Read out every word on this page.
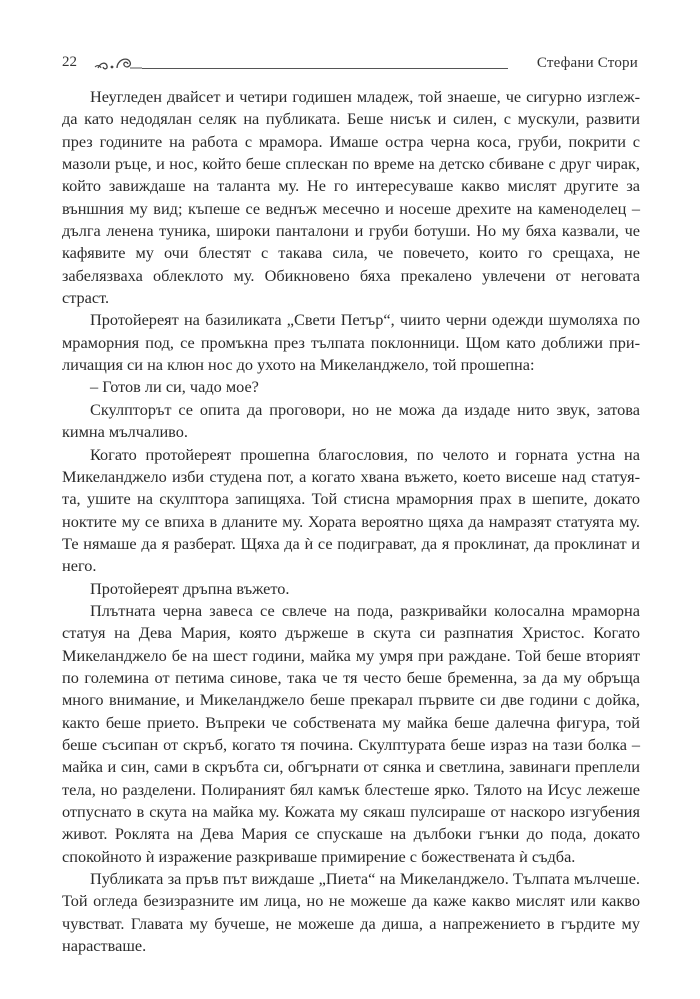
22	Стефани Стори

Неугледен двайсет и четири годишен младеж, той знаеше, че сигурно изглежда като недодялан селяк на публиката. Беше нисък и силен, с мускули, развити през годините на работа с мрамора. Имаше остра черна коса, груби, покрити с мазоли ръце, и нос, който беше сплескан по време на детско сбиване с друг чирак, който завиждаше на таланта му. Не го интересуваше какво мислят другите за външния му вид; къпеше се веднъж месечно и носеше дрехите на каменоделец – дълга ленена туника, широки панталони и груби ботуши. Но му бяха казвали, че кафявите му очи блестят с такава сила, че повечето, които го срещаха, не забелязваха облеклото му. Обикновено бяха прекалено увлечени от неговата страст.

Протойереят на базиликата „Свети Петър“, чиито черни одежди шумоляха по мраморния под, се промъкна през тълпата поклонници. Щом като доближи приличащия си на клюн нос до ухото на Микеланджело, той прошепна:

– Готов ли си, чадо мое?

Скулпторът се опита да проговори, но не можа да издаде нито звук, затова кимна мълчаливо.

Когато протойереят прошепна благословия, по челото и горната устна на Микеланджело изби студена пот, а когато хвана въжето, което висеше над статуята, ушите на скулптора запищяха. Той стисна мраморния прах в шепите, докато ноктите му се впиха в дланите му. Хората вероятно щяха да намразят статуята му. Те нямаше да я разберат. Щяха да ѝ се подиграват, да я проклинат, да проклинат и него.

Протойереят дръпна въжето.

Плътната черна завеса се свлече на пода, разкривайки колосална мраморна статуя на Дева Мария, която държеше в скута си разпнатия Христос. Когато Микеланджело бе на шест години, майка му умря при раждане. Той беше вторият по големина от петима синове, така че тя често беше бременна, за да му обръща много внимание, и Микеланджело беше прекарал първите си две години с дойка, както беше прието. Въпреки че собствената му майка беше далечна фигура, той беше съсипан от скръб, когато тя почина. Скулптурата беше израз на тази болка – майка и син, сами в скръбта си, обгърнати от сянка и светлина, завинаги преплели тела, но разделени. Полираният бял камък блестеше ярко. Тялото на Исус лежеше отпуснато в скута на майка му. Кожата му сякаш пулсираше от наскоро изгубения живот. Роклята на Дева Мария се спускаше на дълбоки гънки до пода, докато спокойното ѝ изражение разкриваше примирение с божествената ѝ съдба.

Публиката за пръв път виждаше „Пиета“ на Микеланджело. Тълпата мълчеше. Той огледа безизразните им лица, но не можеше да каже какво мислят или какво чувстват. Главата му бучеше, не можеше да диша, а напрежението в гърдите му нарастваше.
